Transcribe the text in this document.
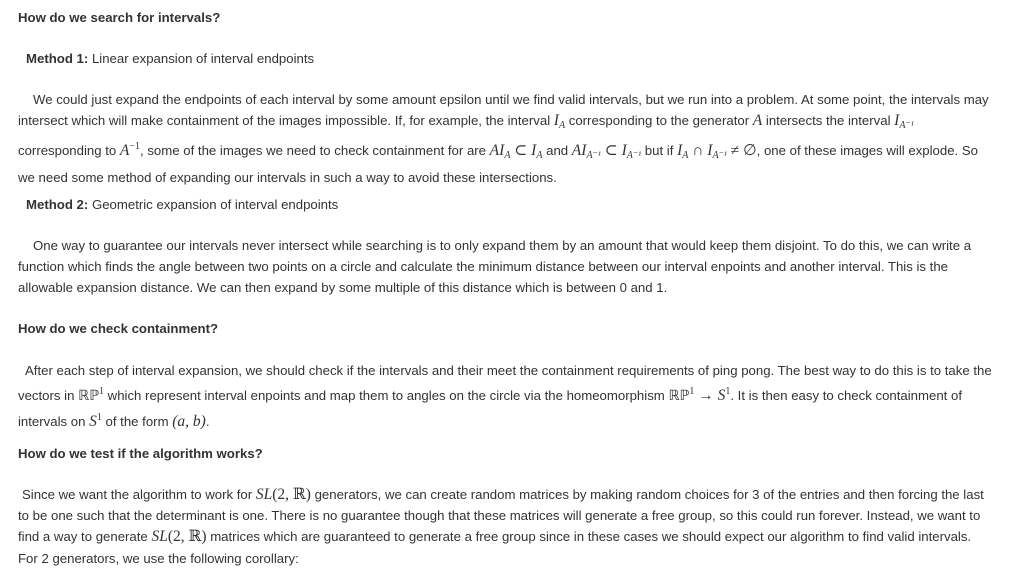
How do we search for intervals?

Method 1: Linear expansion of interval endpoints

We could just expand the endpoints of each interval by some amount epsilon until we find valid intervals, but we run into a problem. At some point, the intervals may intersect which will make containment of the images impossible. If, for example, the interval $I_A$ corresponding to the generator A intersects the interval $I_{A^{-1}}$ corresponding to $A^{-1}$, some of the images we need to check containment for are $AI_A$ ⊂ $I_A$ and $AI_{A^{-1}}$ ⊂ $I_{A^{-1}}$ but if $I_A$ ∩ $I_{A^{-1}}$ ≠ ∅, one of these images will explode. So we need some method of expanding our intervals in such a way to avoid these intersections.

Method 2: Geometric expansion of interval endpoints

One way to guarantee our intervals never intersect while searching is to only expand them by an amount that would keep them disjoint. To do this, we can write a function which finds the angle between two points on a circle and calculate the minimum distance between our interval enpoints and another interval. This is the allowable expansion distance. We can then expand by some multiple of this distance which is between 0 and 1.

How do we check containment?

After each step of interval expansion, we should check if the intervals and their meet the containment requirements of ping pong. The best way to do this is to take the vectors in ℝℙ$^1$ which represent interval enpoints and map them to angles on the circle via the homeomorphism ℝℙ$^1$ → $S^1$. It is then easy to check containment of intervals on $S^1$ of the form (a, b).

How do we test if the algorithm works?

Since we want the algorithm to work for SL(2, ℝ) generators, we can create random matrices by making random choices for 3 of the entries and then forcing the last to be one such that the determinant is one. There is no guarantee though that these matrices will generate a free group, so this could run forever. Instead, we want to find a way to generate SL(2, ℝ) matrices which are guaranteed to generate a free group since in these cases we should expect our algorithm to find valid intervals. For 2 generators, we use the following corollary:
